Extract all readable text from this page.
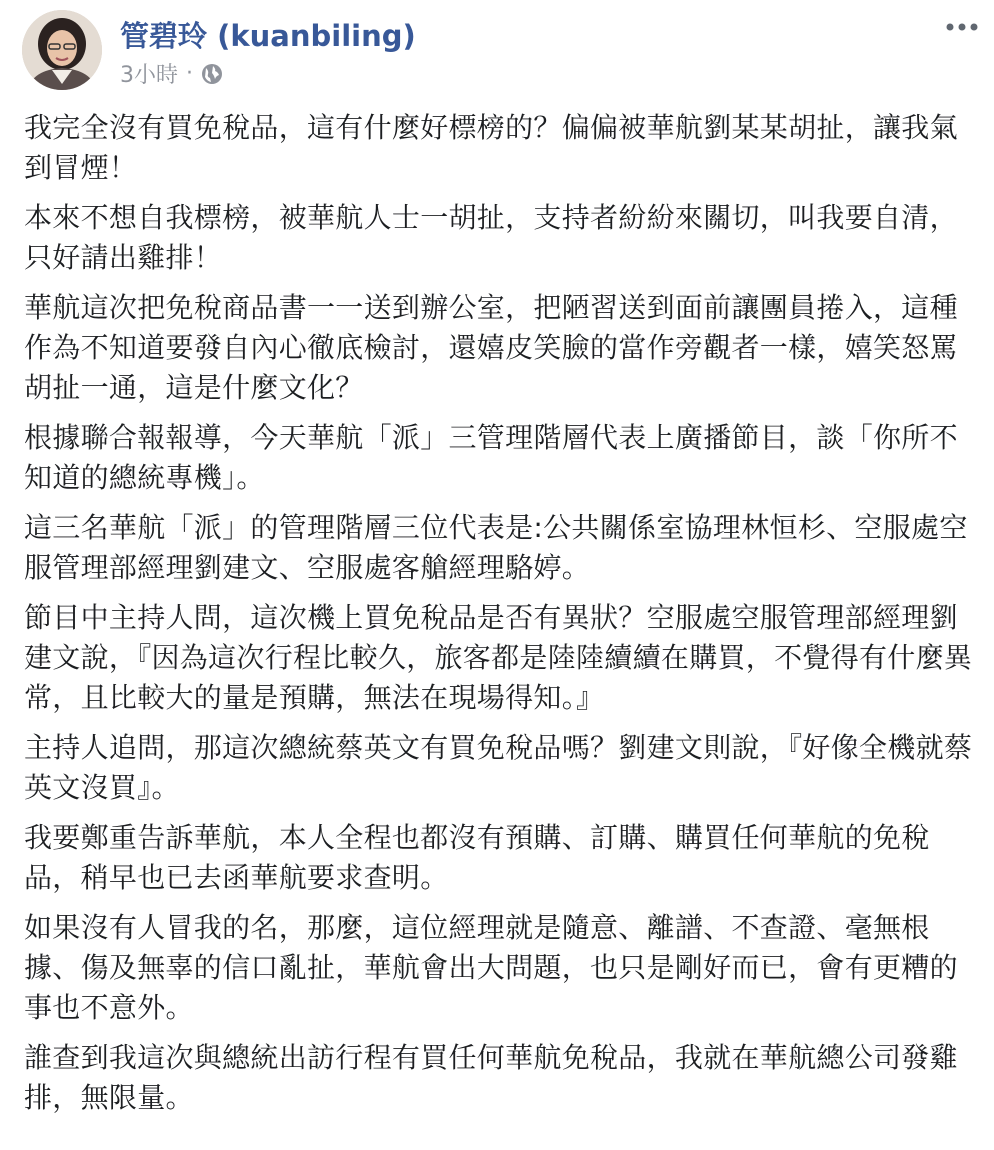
管碧玲 (kuanbiling)
3小時 ·

我完全沒有買免稅品，這有什麼好標榜的？偏偏被華航劉某某胡扯，讓我氣到冒煙！

本來不想自我標榜，被華航人士一胡扯，支持者紛紛來關切，叫我要自清，只好請出雞排！

華航這次把免稅商品書一一送到辦公室，把陋習送到面前讓團員捲入，這種作為不知道要發自內心徹底檢討，還嬉皮笑臉的當作旁觀者一樣，嬉笑怒罵胡扯一通，這是什麼文化？

根據聯合報報導，今天華航「派」三管理階層代表上廣播節目，談「你所不知道的總統專機」。

這三名華航「派」的管理階層三位代表是:公共關係室協理林恒杉、空服處空服管理部經理劉建文、空服處客艙經理駱婷。

節目中主持人問，這次機上買免稅品是否有異狀？空服處空服管理部經理劉建文說，『因為這次行程比較久，旅客都是陸陸續續在購買，不覺得有什麼異常，且比較大的量是預購，無法在現場得知。』

主持人追問，那這次總統蔡英文有買免稅品嗎？劉建文則說，『好像全機就蔡英文沒買』。

我要鄭重告訴華航，本人全程也都沒有預購、訂購、購買任何華航的免稅品，稍早也已去函華航要求查明。

如果沒有人冒我的名，那麼，這位經理就是隨意、離譜、不查證、毫無根據、傷及無辜的信口亂扯，華航會出大問題，也只是剛好而已，會有更糟的事也不意外。

誰查到我這次與總統出訪行程有買任何華航免稅品，我就在華航總公司發雞排，無限量。
